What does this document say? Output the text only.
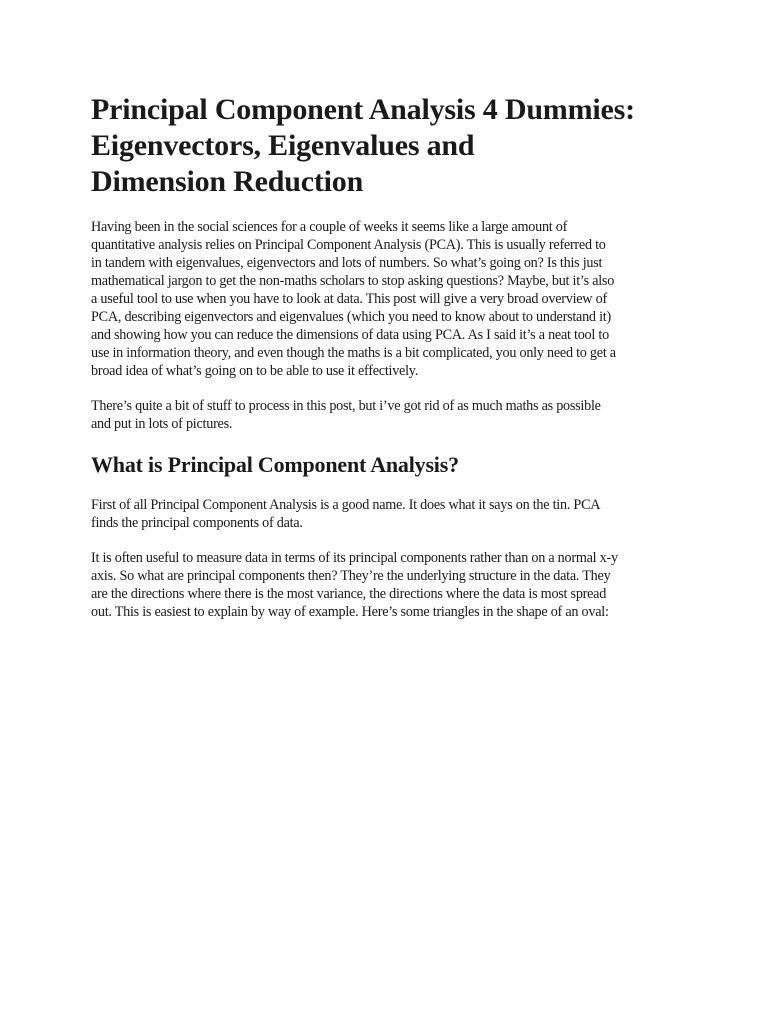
Principal Component Analysis 4 Dummies:
Eigenvectors, Eigenvalues and
Dimension Reduction

Having been in the social sciences for a couple of weeks it seems like a large amount of
quantitative analysis relies on Principal Component Analysis (PCA). This is usually referred to
in tandem with eigenvalues, eigenvectors and lots of numbers. So what’s going on? Is this just
mathematical jargon to get the non-maths scholars to stop asking questions? Maybe, but it’s also
a useful tool to use when you have to look at data. This post will give a very broad overview of
PCA, describing eigenvectors and eigenvalues (which you need to know about to understand it)
and showing how you can reduce the dimensions of data using PCA. As I said it’s a neat tool to
use in information theory, and even though the maths is a bit complicated, you only need to get a
broad idea of what’s going on to be able to use it effectively.

There’s quite a bit of stuff to process in this post, but i’ve got rid of as much maths as possible
and put in lots of pictures.

What is Principal Component Analysis?

First of all Principal Component Analysis is a good name. It does what it says on the tin. PCA
finds the principal components of data.

It is often useful to measure data in terms of its principal components rather than on a normal x-y
axis. So what are principal components then? They’re the underlying structure in the data. They
are the directions where there is the most variance, the directions where the data is most spread
out. This is easiest to explain by way of example. Here’s some triangles in the shape of an oval:
